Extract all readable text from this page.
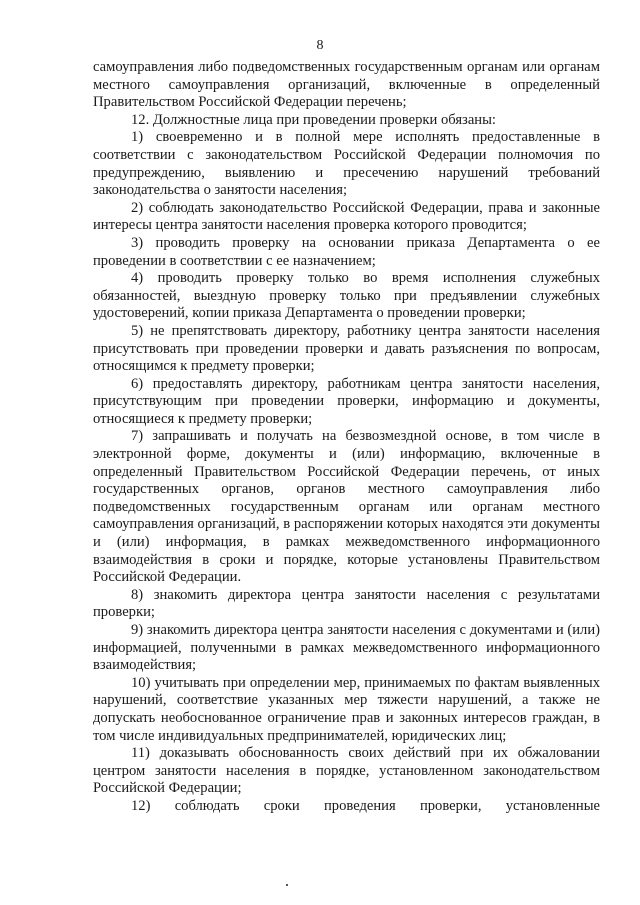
8

самоуправления либо подведомственных государственным органам или органам местного самоуправления организаций, включенные в определенный Правительством Российской Федерации перечень;

12. Должностные лица при проведении проверки обязаны:

1) своевременно и в полной мере исполнять предоставленные в соответствии с законодательством Российской Федерации полномочия по предупреждению, выявлению и пресечению нарушений требований законодательства о занятости населения;

2) соблюдать законодательство Российской Федерации, права и законные интересы центра занятости населения проверка которого проводится;

3) проводить проверку на основании приказа Департамента о ее проведении в соответствии с ее назначением;

4) проводить проверку только во время исполнения служебных обязанностей, выездную проверку только при предъявлении служебных удостоверений, копии приказа Департамента о проведении проверки;

5) не препятствовать директору, работнику центра занятости населения присутствовать при проведении проверки и давать разъяснения по вопросам, относящимся к предмету проверки;

6) предоставлять директору, работникам центра занятости населения, присутствующим при проведении проверки, информацию и документы, относящиеся к предмету проверки;

7) запрашивать и получать на безвозмездной основе, в том числе в электронной форме, документы и (или) информацию, включенные в определенный Правительством Российской Федерации перечень, от иных государственных органов, органов местного самоуправления либо подведомственных государственным органам или органам местного самоуправления организаций, в распоряжении которых находятся эти документы и (или) информация, в рамках межведомственного информационного взаимодействия в сроки и порядке, которые установлены Правительством Российской Федерации.

8) знакомить директора центра занятости населения с результатами проверки;

9) знакомить директора центра занятости населения с документами и (или) информацией, полученными в рамках межведомственного информационного взаимодействия;

10) учитывать при определении мер, принимаемых по фактам выявленных нарушений, соответствие указанных мер тяжести нарушений, а также не допускать необоснованное ограничение прав и законных интересов граждан, в том числе индивидуальных предпринимателей, юридических лиц;

11) доказывать обоснованность своих действий при их обжаловании центром занятости населения в порядке, установленном законодательством Российской Федерации;

12) соблюдать сроки проведения проверки, установленные
